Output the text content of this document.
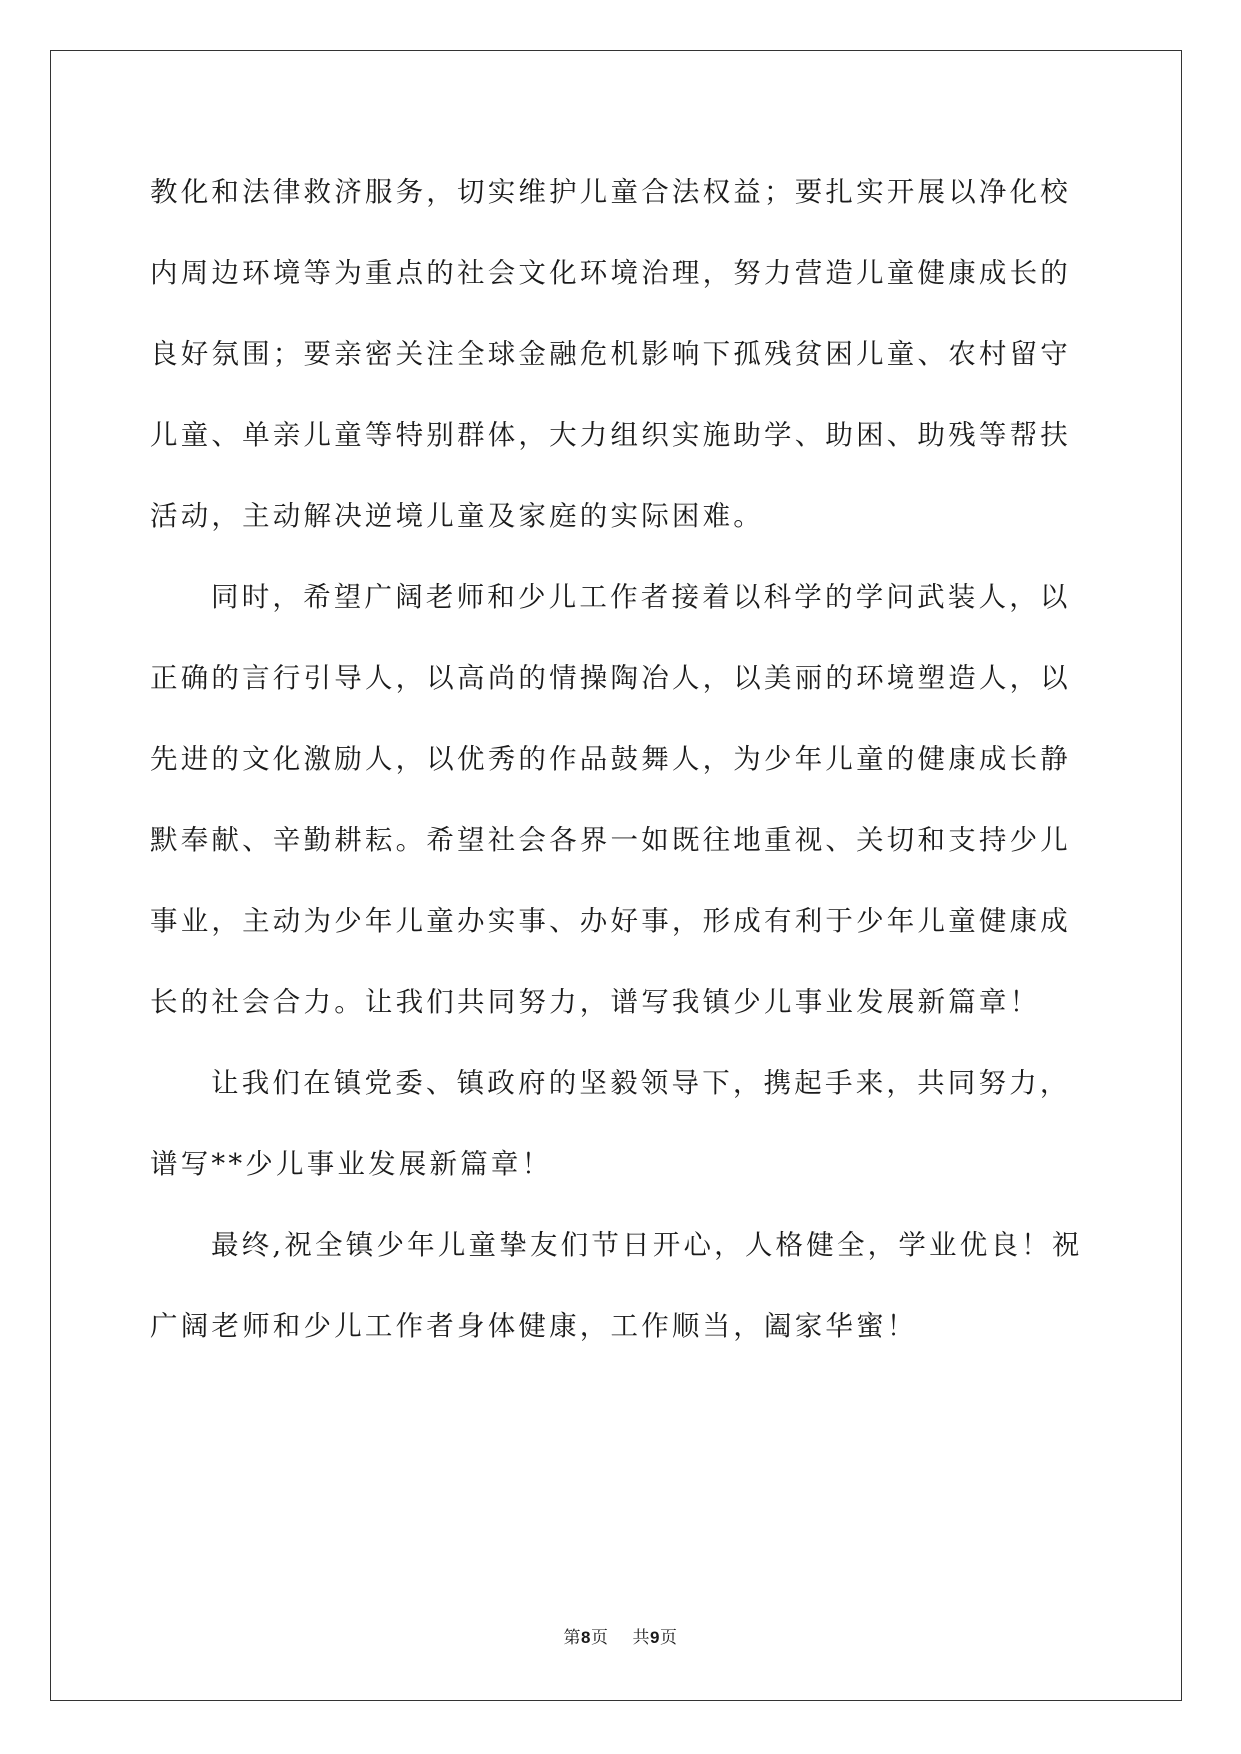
教化和法律救济服务，切实维护儿童合法权益；要扎实开展以净化校内周边环境等为重点的社会文化环境治理，努力营造儿童健康成长的良好氛围；要亲密关注全球金融危机影响下孤残贫困儿童、农村留守儿童、单亲儿童等特别群体，大力组织实施助学、助困、助残等帮扶活动，主动解决逆境儿童及家庭的实际困难。

同时，希望广阔老师和少儿工作者接着以科学的学问武装人，以正确的言行引导人，以高尚的情操陶冶人，以美丽的环境塑造人，以先进的文化激励人，以优秀的作品鼓舞人，为少年儿童的健康成长静默奉献、辛勤耕耘。希望社会各界一如既往地重视、关切和支持少儿事业，主动为少年儿童办实事、办好事，形成有利于少年儿童健康成长的社会合力。让我们共同努力，谱写我镇少儿事业发展新篇章！

让我们在镇党委、镇政府的坚毅领导下，携起手来，共同努力，谱写**少儿事业发展新篇章！

最终,祝全镇少年儿童挚友们节日开心，人格健全，学业优良！祝广阔老师和少儿工作者身体健康，工作顺当，阖家华蜜！

第8页 共9页
